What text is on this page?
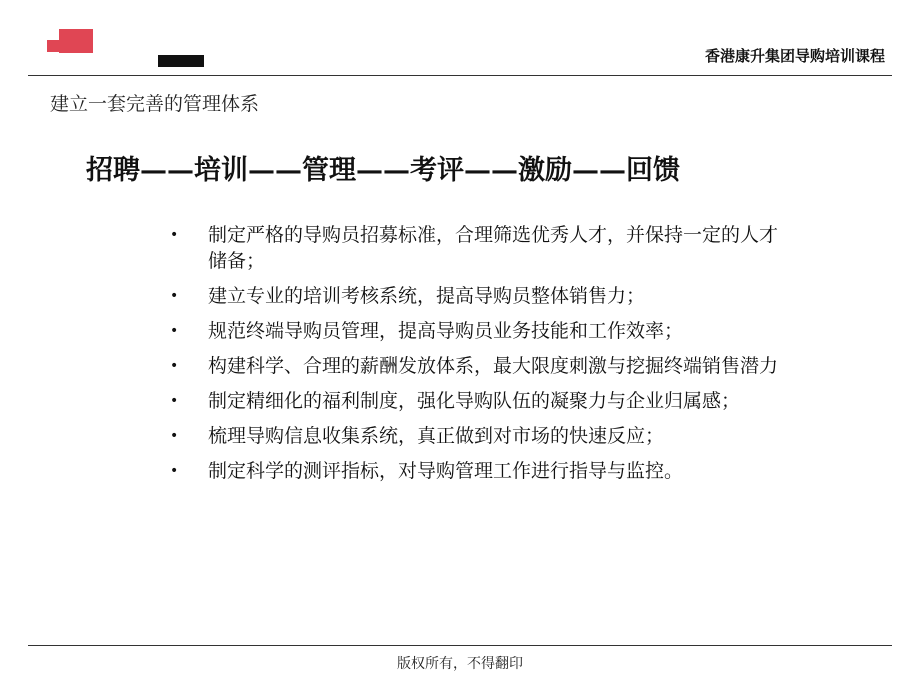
香港康升集团导购培训课程
建立一套完善的管理体系
招聘——培训——管理——考评——激励——回馈
• 制定严格的导购员招募标准，合理筛选优秀人才，并保持一定的人才储备；
• 建立专业的培训考核系统，提高导购员整体销售力；
• 规范终端导购员管理，提高导购员业务技能和工作效率；
• 构建科学、合理的薪酬发放体系，最大限度刺激与挖掘终端销售潜力
• 制定精细化的福利制度，强化导购队伍的凝聚力与企业归属感；
• 梳理导购信息收集系统，真正做到对市场的快速反应；
• 制定科学的测评指标，对导购管理工作进行指导与监控。
版权所有，不得翻印
